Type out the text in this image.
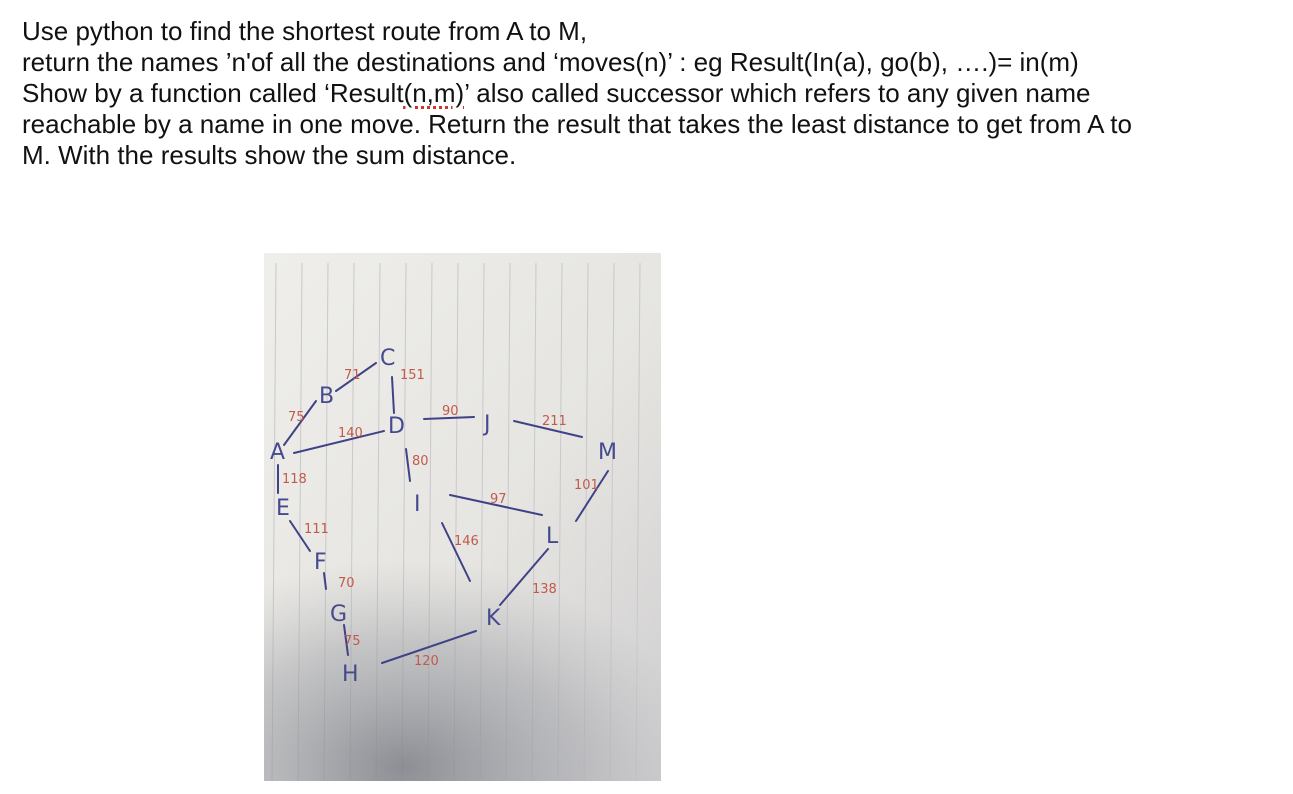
Use python to find the shortest route from A to M,
return the names ’n'of all the destinations and ‘moves(n)’ : eg Result(In(a), go(b), ….)= in(m)
Show by a function called ‘Result(n,m)’ also called successor which refers to any given name
reachable by a name in one move. Return the result that takes the least distance to get from A to
M. With the results show the sum distance.
A
B
C
D
E
F
G
H
I
J
K
L
M
75
71
140
118
151
90
211
80
97
101
146
138
111
70
75
120
